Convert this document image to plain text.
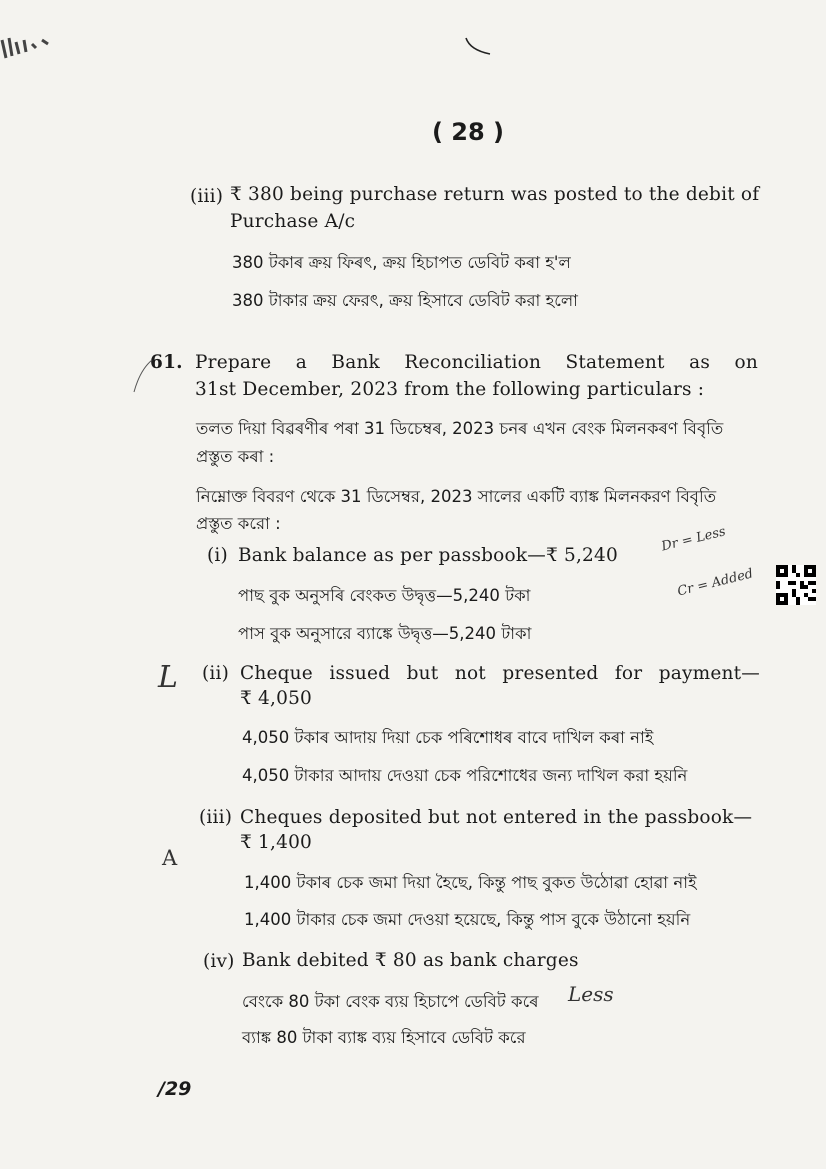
( 28 )
(iii) ₹ 380 being purchase return was posted to the debit of
Purchase A/c
380 টকাৰ ক্রয় ফিৰৎ, ক্রয় হিচাপত ডেবিট কৰা হ'ল
380 টাকার ক্রয় ফেরৎ, ক্রয় হিসাবে ডেবিট করা হলো
61. Prepare a Bank Reconciliation Statement as on
31st December, 2023 from the following particulars :
তলত দিয়া বিৱৰণীৰ পৰা 31 ডিচেম্বৰ, 2023 চনৰ এখন বেংক মিলনকৰণ বিবৃতি
প্রস্তুত কৰা :
নিম্নোক্ত বিবরণ থেকে 31 ডিসেম্বর, 2023 সালের একটি ব্যাঙ্ক মিলনকরণ বিবৃতি
প্রস্তুত করো :
(i) Bank balance as per passbook—₹ 5,240
পাছ বুক অনুসৰি বেংকত উদ্বৃত্ত—5,240 টকা
পাস বুক অনুসারে ব্যাঙ্কে উদ্বৃত্ত—5,240 টাকা
(ii) Cheque issued but not presented for payment—
₹ 4,050
4,050 টকাৰ আদায় দিয়া চেক পৰিশোধৰ বাবে দাখিল কৰা নাই
4,050 টাকার আদায় দেওয়া চেক পরিশোধের জন্য দাখিল করা হয়নি
(iii) Cheques deposited but not entered in the passbook—
₹ 1,400
1,400 টকাৰ চেক জমা দিয়া হৈছে, কিন্তু পাছ বুকত উঠোৱা হোৱা নাই
1,400 টাকার চেক জমা দেওয়া হয়েছে, কিন্তু পাস বুকে উঠানো হয়নি
(iv) Bank debited ₹ 80 as bank charges
বেংকে 80 টকা বেংক ব্যয় হিচাপে ডেবিট কৰে
ব্যাঙ্ক 80 টাকা ব্যাঙ্ক ব্যয় হিসাবে ডেবিট করে
/29
Dr = Less
Cr = Added
L
A
Less
